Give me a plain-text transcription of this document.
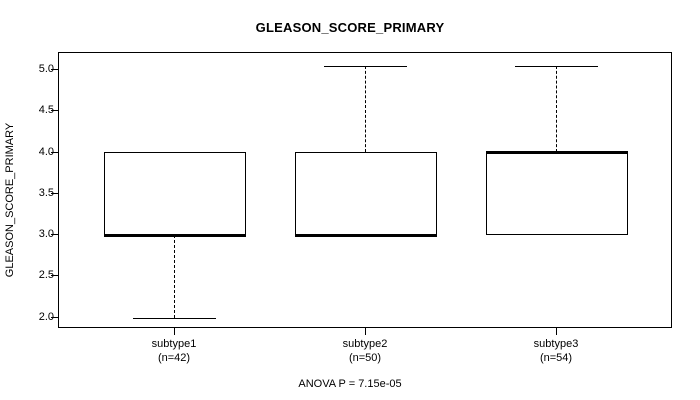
GLEASON_SCORE_PRIMARY
GLEASON_SCORE_PRIMARY
2.0
2.5
3.0
3.5
4.0
4.5
5.0
subtype1
(n=42)
subtype2
(n=50)
subtype3
(n=54)
ANOVA P = 7.15e-05
